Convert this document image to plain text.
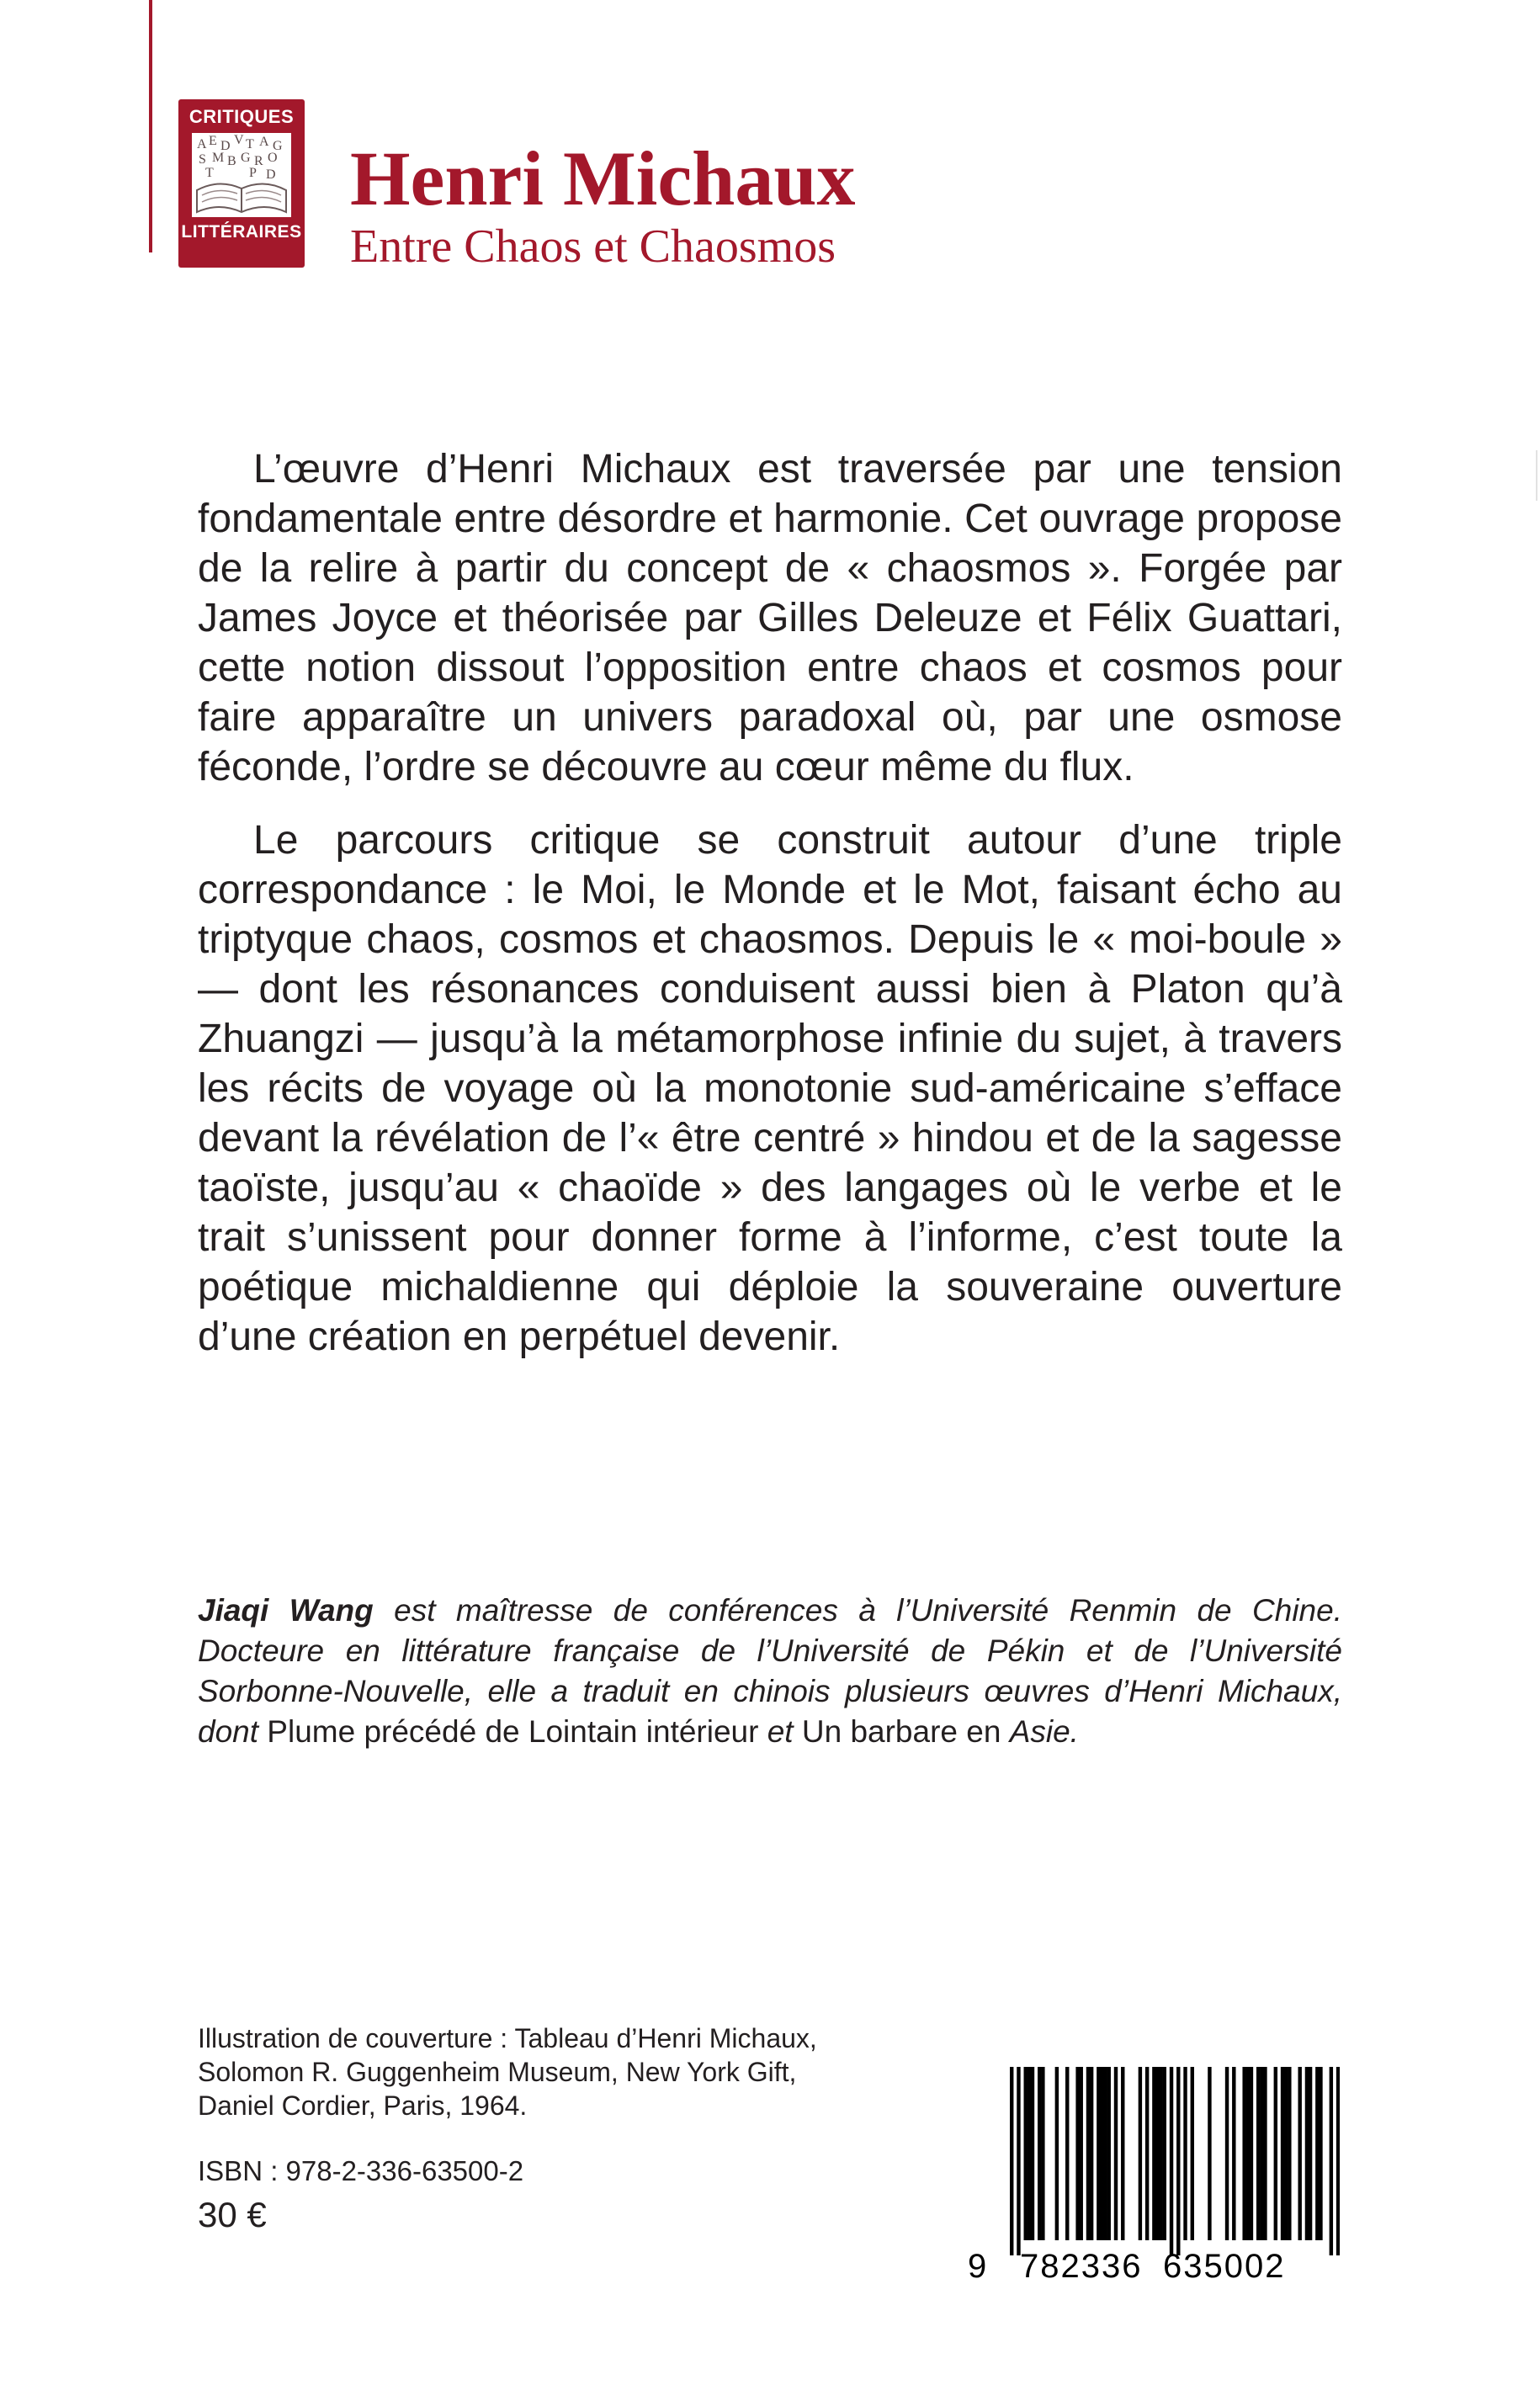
CRITIQUES
A E D V T A G
S M B G R O
T	P D
LITTÉRAIRES
Henri Michaux

Entre Chaos et Chaosmos

L’œuvre d’Henri Michaux est traversée par une tension fondamentale entre désordre et harmonie. Cet ouvrage propose de la relire à partir du concept de « chaosmos ». Forgée par James Joyce et théorisée par Gilles Deleuze et Félix Guattari, cette notion dissout l’opposition entre chaos et cosmos pour faire apparaître un univers paradoxal où, par une osmose féconde, l’ordre se découvre au cœur même du flux.

Le parcours critique se construit autour d’une triple correspondance : le Moi, le Monde et le Mot, faisant écho au triptyque chaos, cosmos et chaosmos. Depuis le « moi-boule » — dont les résonances conduisent aussi bien à Platon qu’à Zhuangzi — jusqu’à la métamorphose infinie du sujet, à travers les récits de voyage où la monotonie sud-américaine s’efface devant la révélation de l’« être centré » hindou et de la sagesse taoïste, jusqu’au « chaoïde » des langages où le verbe et le trait s’unissent pour donner forme à l’informe, c’est toute la poétique michaldienne qui déploie la souveraine ouverture d’une création en perpétuel devenir.

Jiaqi Wang est maîtresse de conférences à l’Université Renmin de Chine. Docteure en littérature française de l’Université de Pékin et de l’Université Sorbonne-Nouvelle, elle a traduit en chinois plusieurs œuvres d’Henri Michaux, dont Plume précédé de Lointain intérieur et Un barbare en Asie.

Illustration de couverture : Tableau d’Henri Michaux,
Solomon R. Guggenheim Museum, New York Gift,
Daniel Cordier, Paris, 1964.
ISBN : 978-2-336-63500-2
30 €
9 782336 635002
